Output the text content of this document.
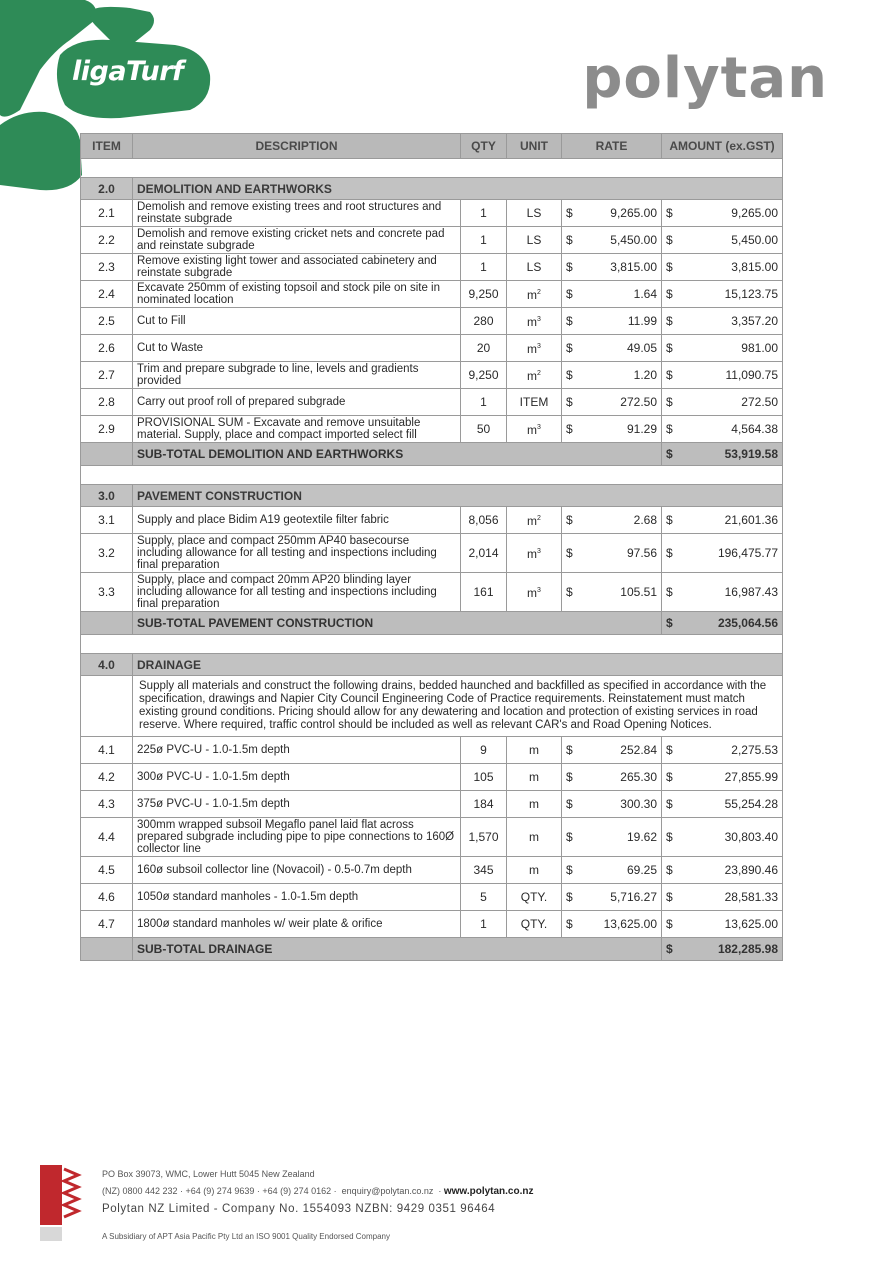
ligaTurf	polytan
ITEM	DESCRIPTION	QTY	UNIT	RATE		AMOUNT (ex.GST)	

2.0	DEMOLITION AND EARTHWORKS						
2.1	Demolish and remove existing trees and root structures and reinstate subgrade	1	LS	$	9,265.00	$	9,265.00
2.2	Demolish and remove existing cricket nets and concrete pad and reinstate subgrade	1	LS	$	5,450.00	$	5,450.00
2.3	Remove existing light tower and associated cabinetery and reinstate subgrade	1	LS	$	3,815.00	$	3,815.00
2.4	Excavate 250mm of existing topsoil and stock pile on site in nominated location	9,250	$m^2$	$	1.64	$	15,123.75
2.5	Cut to Fill	280	$m^3$	$	11.99	$	3,357.20
2.6	Cut to Waste	20	$m^3$	$	49.05	$	981.00
2.7	Trim and prepare subgrade to line, levels and gradients provided	9,250	$m^2$	$	1.20	$	11,090.75
2.8	Carry out proof roll of prepared subgrade	1	ITEM	$	272.50	$	272.50
2.9	PROVISIONAL SUM - Excavate and remove unsuitable material. Supply, place and compact imported select fill	50	$m^3$	$	91.29	$	4,564.38
	SUB-TOTAL DEMOLITION AND EARTHWORKS					$	53,919.58

3.0	PAVEMENT CONSTRUCTION						
3.1	Supply and place Bidim A19 geotextile filter fabric	8,056	$m^2$	$	2.68	$	21,601.36
3.2	Supply, place and compact 250mm AP40 basecourse including allowance for all testing and inspections including final preparation	2,014	$m^3$	$	97.56	$	196,475.77
3.3	Supply, place and compact 20mm AP20 blinding layer including allowance for all testing and inspections including final preparation	161	$m^3$	$	105.51	$	16,987.43
	SUB-TOTAL PAVEMENT CONSTRUCTION					$	235,064.56

4.0	DRAINAGE						
	Supply all materials and construct the following drains, bedded haunched and backfilled as specified in accordance with the specification, drawings and Napier City Council Engineering Code of Practice requirements. Reinstatement must match existing ground conditions. Pricing should allow for any dewatering and location and protection of existing services in road reserve. Where required, traffic control should be included as well as relevant CAR's and Road Opening Notices.						
4.1	225ø PVC-U - 1.0-1.5m depth	9	m	$	252.84	$	2,275.53
4.2	300ø PVC-U - 1.0-1.5m depth	105	m	$	265.30	$	27,855.99
4.3	375ø PVC-U - 1.0-1.5m depth	184	m	$	300.30	$	55,254.28
4.4	300mm wrapped subsoil Megaflo panel laid flat across prepared subgrade including pipe to pipe connections to 160Ø collector line	1,570	m	$	19.62	$	30,803.40
4.5	160ø subsoil collector line (Novacoil) - 0.5-0.7m depth	345	m	$	69.25	$	23,890.46
4.6	1050ø standard manholes - 1.0-1.5m depth	5	QTY.	$	5,716.27	$	28,581.33
4.7	1800ø standard manholes w/ weir plate & orifice	1	QTY.	$	13,625.00	$	13,625.00
	SUB-TOTAL DRAINAGE					$	182,285.98
PO Box 39073, WMC, Lower Hutt 5045 New Zealand
(NZ) 0800 442 232 · +64 (9) 274 9639 · +64 (9) 274 0162 · enquiry@polytan.co.nz  · www.polytan.co.nz
Polytan NZ Limited - Company No. 1554093 NZBN: 9429 0351 96464
A Subsidiary of APT Asia Pacific Pty Ltd an ISO 9001 Quality Endorsed Company
